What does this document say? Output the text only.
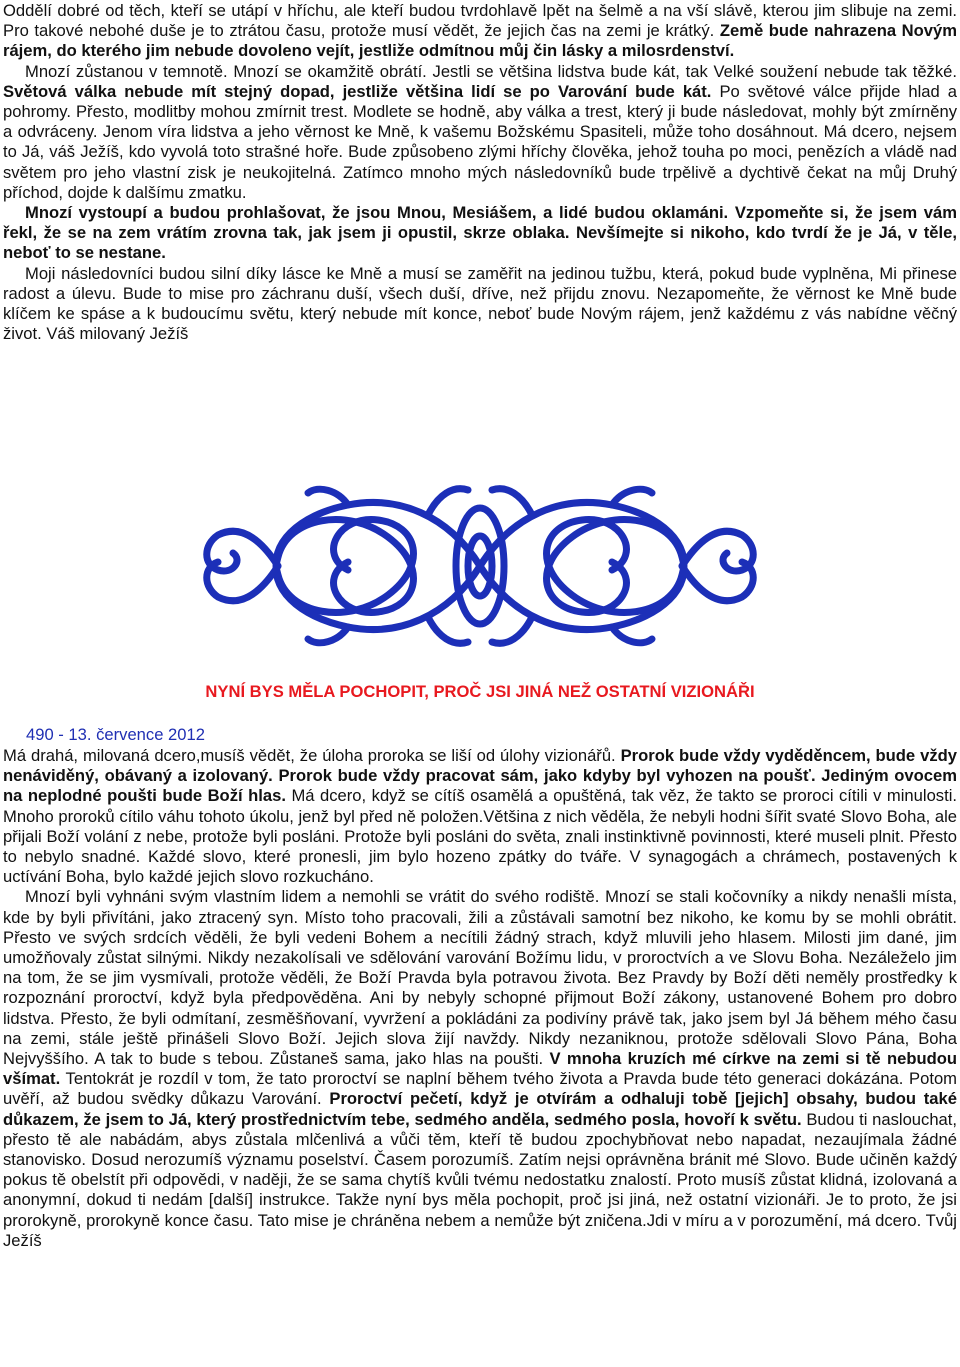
Oddělí dobré od těch, kteří se utápí v hříchu, ale kteří budou tvrdohlavě lpět na šelmě a na vší slávě, kterou jim slibuje na zemi. Pro takové nebohé duše je to ztrátou času, protože musí vědět, že jejich čas na zemi je krátký. Země bude nahrazena Novým rájem, do kterého jim nebude dovoleno vejít, jestliže odmítnou můj čin lásky a milosrdenství.

Mnozí zůstanou v temnotě. Mnozí se okamžitě obrátí. Jestli se většina lidstva bude kát, tak Velké soužení nebude tak těžké. Světová válka nebude mít stejný dopad, jestliže většina lidí se po Varování bude kát. Po světové válce přijde hlad a pohromy. Přesto, modlitby mohou zmírnit trest. Modlete se hodně, aby válka a trest, který ji bude následovat, mohly být zmírněny a odvráceny. Jenom víra lidstva a jeho věrnost ke Mně, k vašemu Božskému Spasiteli, může toho dosáhnout. Má dcero, nejsem to Já, váš Ježíš, kdo vyvolá toto strašné hoře. Bude způsobeno zlými hříchy člověka, jehož touha po moci, penězích a vládě nad světem pro jeho vlastní zisk je neukojitelná. Zatímco mnoho mých následovníků bude trpělivě a dychtivě čekat na můj Druhý příchod, dojde k dalšímu zmatku.

Mnozí vystoupí a budou prohlašovat, že jsou Mnou, Mesiášem, a lidé budou oklamáni. Vzpomeňte si, že jsem vám řekl, že se na zem vrátím zrovna tak, jak jsem ji opustil, skrze oblaka. Nevšímejte si nikoho, kdo tvrdí že je Já, v těle, neboť to se nestane.

Moji následovníci budou silní díky lásce ke Mně a musí se zaměřit na jedinou tužbu, která, pokud bude vyplněna, Mi přinese radost a úlevu. Bude to mise pro záchranu duší, všech duší, dříve, než přijdu znovu. Nezapomeňte, že věrnost ke Mně bude klíčem ke spáse a k budoucímu světu, který nebude mít konce, neboť bude Novým rájem, jenž každému z vás nabídne věčný život. Váš milovaný Ježíš

NYNÍ BYS MĚLA POCHOPIT, PROČ JSI JINÁ NEŽ OSTATNÍ VIZIONÁŘI
490 - 13. července 2012

Má drahá, milovaná dcero,musíš vědět, že úloha proroka se liší od úlohy vizionářů. Prorok bude vždy vyděděncem, bude vždy nenáviděný, obávaný a izolovaný. Prorok bude vždy pracovat sám, jako kdyby byl vyhozen na poušť. Jediným ovocem na neplodné poušti bude Boží hlas. Má dcero, když se cítíš osamělá a opuštěná, tak věz, že takto se proroci cítili v minulosti. Mnoho proroků cítilo váhu tohoto úkolu, jenž byl před ně položen.Většina z nich věděla, že nebyli hodni šířit svaté Slovo Boha, ale přijali Boží volání z nebe, protože byli posláni. Protože byli posláni do světa, znali instinktivně povinnosti, které museli plnit. Přesto to nebylo snadné. Každé slovo, které pronesli, jim bylo hozeno zpátky do tváře. V synagogách a chrámech, postavených k uctívání Boha, bylo každé jejich slovo rozkucháno.

Mnozí byli vyhnáni svým vlastním lidem a nemohli se vrátit do svého rodiště. Mnozí se stali kočovníky a nikdy nenašli místa, kde by byli přivítáni, jako ztracený syn. Místo toho pracovali, žili a zůstávali samotní bez nikoho, ke komu by se mohli obrátit. Přesto ve svých srdcích věděli, že byli vedeni Bohem a necítili žádný strach, když mluvili jeho hlasem. Milosti jim dané, jim umožňovaly zůstat silnými. Nikdy nezakolísali ve sdělování varování Božímu lidu, v proroctvích a ve Slovu Boha. Nezáleželo jim na tom, že se jim vysmívali, protože věděli, že Boží Pravda byla potravou života. Bez Pravdy by Boží děti neměly prostředky k rozpoznání proroctví, když byla předpověděna. Ani by nebyly schopné přijmout Boží zákony, ustanovené Bohem pro dobro lidstva. Přesto, že byli odmítaní, zesměšňovaní, vyvržení a pokládáni za podivíny právě tak, jako jsem byl Já během mého času na zemi, stále ještě přinášeli Slovo Boží. Jejich slova žijí navždy. Nikdy nezaniknou, protože sdělovali Slovo Pána, Boha Nejvyššího. A tak to bude s tebou. Zůstaneš sama, jako hlas na poušti. V mnoha kruzích mé církve na zemi si tě nebudou všímat. Tentokrát je rozdíl v tom, že tato proroctví se naplní během tvého života a Pravda bude této generaci dokázána. Potom uvěří, až budou svědky důkazu Varování. Proroctví pečetí, když je otvírám a odhaluji tobě [jejich] obsahy, budou také důkazem, že jsem to Já, který prostřednictvím tebe, sedmého anděla, sedmého posla, hovoří k světu. Budou ti naslouchat, přesto tě ale nabádám, abys zůstala mlčenlivá a vůči těm, kteří tě budou zpochybňovat nebo napadat, nezaujímala žádné stanovisko. Dosud nerozumíš významu poselství. Časem porozumíš. Zatím nejsi oprávněna bránit mé Slovo. Bude učiněn každý pokus tě obelstít při odpovědi, v naději, že se sama chytíš kvůli tvému nedostatku znalostí. Proto musíš zůstat klidná, izolovaná a anonymní, dokud ti nedám [další] instrukce. Takže nyní bys měla pochopit, proč jsi jiná, než ostatní vizionáři. Je to proto, že jsi prorokyně, prorokyně konce času. Tato mise je chráněna nebem a nemůže být zničena.Jdi v míru a v porozumění, má dcero. Tvůj Ježíš
